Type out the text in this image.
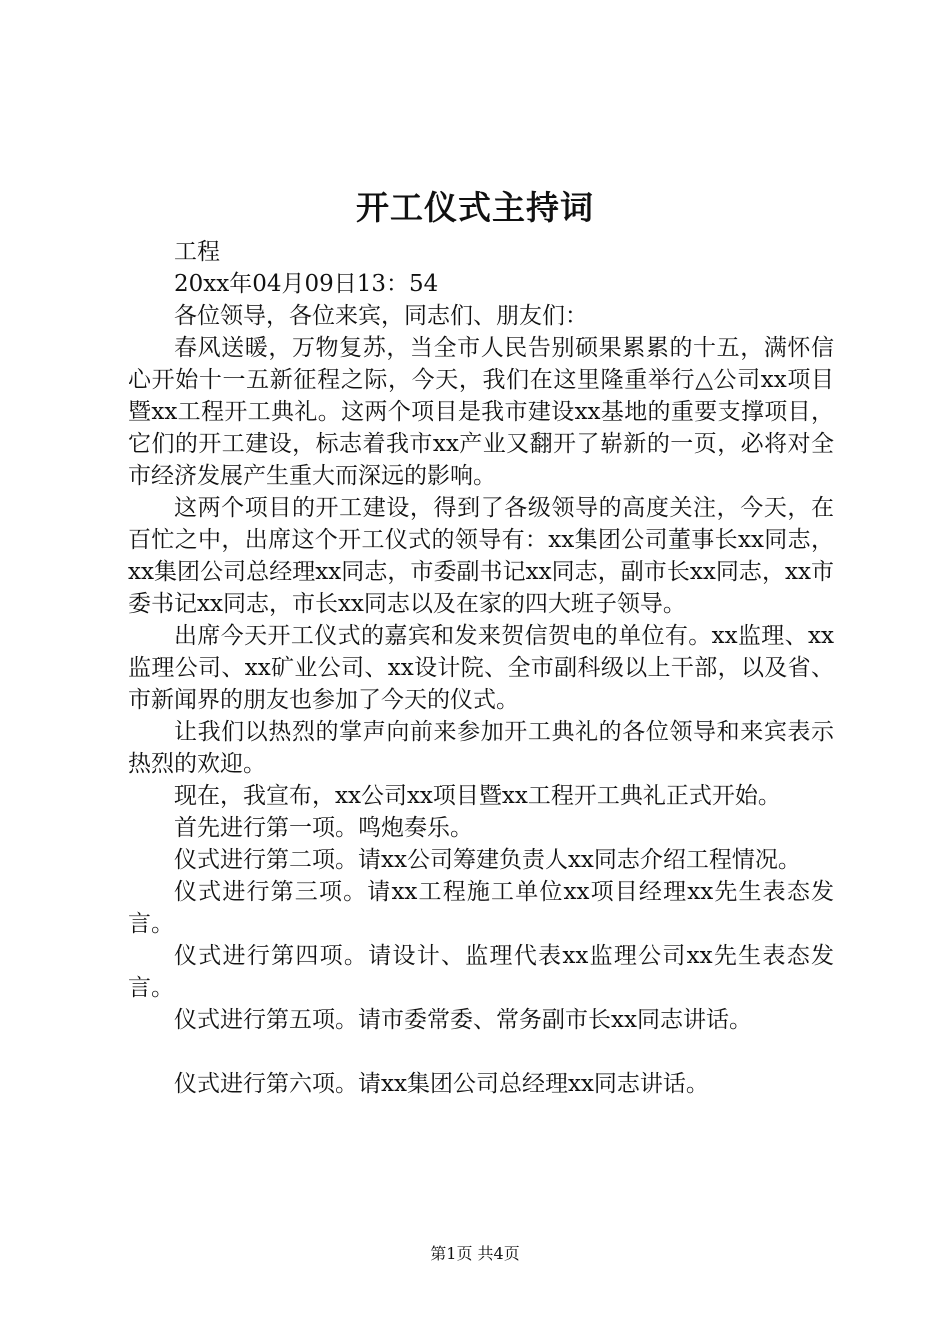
开工仪式主持词

工程

20xx年04月09日13：54

各位领导，各位来宾，同志们、朋友们：

春风送暖，万物复苏，当全市人民告别硕果累累的十五，满怀信心开始十一五新征程之际，今天，我们在这里隆重举行△公司xx项目暨xx工程开工典礼。这两个项目是我市建设xx基地的重要支撑项目，它们的开工建设，标志着我市xx产业又翻开了崭新的一页，必将对全市经济发展产生重大而深远的影响。

这两个项目的开工建设，得到了各级领导的高度关注，今天，在百忙之中，出席这个开工仪式的领导有：xx集团公司董事长xx同志，xx集团公司总经理xx同志，市委副书记xx同志，副市长xx同志，xx市委书记xx同志，市长xx同志以及在家的四大班子领导。

出席今天开工仪式的嘉宾和发来贺信贺电的单位有。xx监理、xx监理公司、xx矿业公司、xx设计院、全市副科级以上干部，以及省、市新闻界的朋友也参加了今天的仪式。

让我们以热烈的掌声向前来参加开工典礼的各位领导和来宾表示热烈的欢迎。

现在，我宣布，xx公司xx项目暨xx工程开工典礼正式开始。

首先进行第一项。鸣炮奏乐。

仪式进行第二项。请xx公司筹建负责人xx同志介绍工程情况。

仪式进行第三项。请xx工程施工单位xx项目经理xx先生表态发言。

仪式进行第四项。请设计、监理代表xx监理公司xx先生表态发言。

仪式进行第五项。请市委常委、常务副市长xx同志讲话。

仪式进行第六项。请xx集团公司总经理xx同志讲话。

第1页 共4页
